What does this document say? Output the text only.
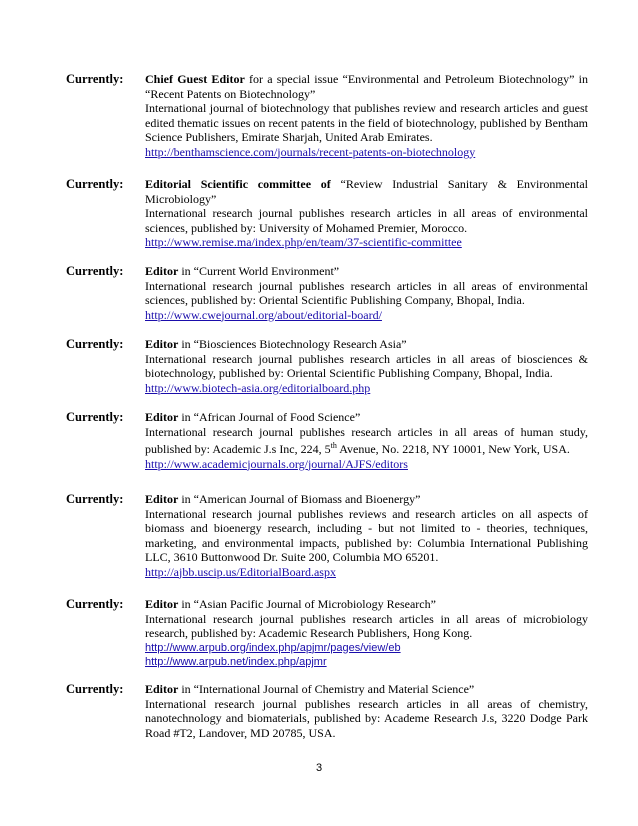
Currently: Chief Guest Editor for a special issue “Environmental and Petroleum Biotechnology” in “Recent Patents on Biotechnology”
International journal of biotechnology that publishes review and research articles and guest edited thematic issues on recent patents in the field of biotechnology, published by Bentham Science Publishers, Emirate Sharjah, United Arab Emirates.
http://benthamscience.com/journals/recent-patents-on-biotechnology
Currently: Editorial Scientific committee of “Review Industrial Sanitary & Environmental Microbiology”
International research journal publishes research articles in all areas of environmental sciences, published by: University of Mohamed Premier, Morocco.
http://www.remise.ma/index.php/en/team/37-scientific-committee
Currently: Editor in “Current World Environment”
International research journal publishes research articles in all areas of environmental sciences, published by: Oriental Scientific Publishing Company, Bhopal, India.
http://www.cwejournal.org/about/editorial-board/
Currently: Editor in “Biosciences Biotechnology Research Asia”
International research journal publishes research articles in all areas of biosciences & biotechnology, published by: Oriental Scientific Publishing Company, Bhopal, India.
http://www.biotech-asia.org/editorialboard.php
Currently: Editor in “African Journal of Food Science”
International research journal publishes research articles in all areas of human study, published by: Academic J.s Inc, 224, 5th Avenue, No. 2218, NY 10001, New York, USA.
http://www.academicjournals.org/journal/AJFS/editors
Currently: Editor in “American Journal of Biomass and Bioenergy”
International research journal publishes reviews and research articles on all aspects of biomass and bioenergy research, including - but not limited to - theories, techniques, marketing, and environmental impacts, published by: Columbia International Publishing LLC, 3610 Buttonwood Dr. Suite 200, Columbia MO 65201.
http://ajbb.uscip.us/EditorialBoard.aspx
Currently: Editor in “Asian Pacific Journal of Microbiology Research”
International research journal publishes research articles in all areas of microbiology research, published by: Academic Research Publishers, Hong Kong.
http://www.arpub.org/index.php/apjmr/pages/view/eb
http://www.arpub.net/index.php/apjmr
Currently: Editor in “International Journal of Chemistry and Material Science”
International research journal publishes research articles in all areas of chemistry, nanotechnology and biomaterials, published by: Academe Research J.s, 3220 Dodge Park Road #T2, Landover, MD 20785, USA.
3
